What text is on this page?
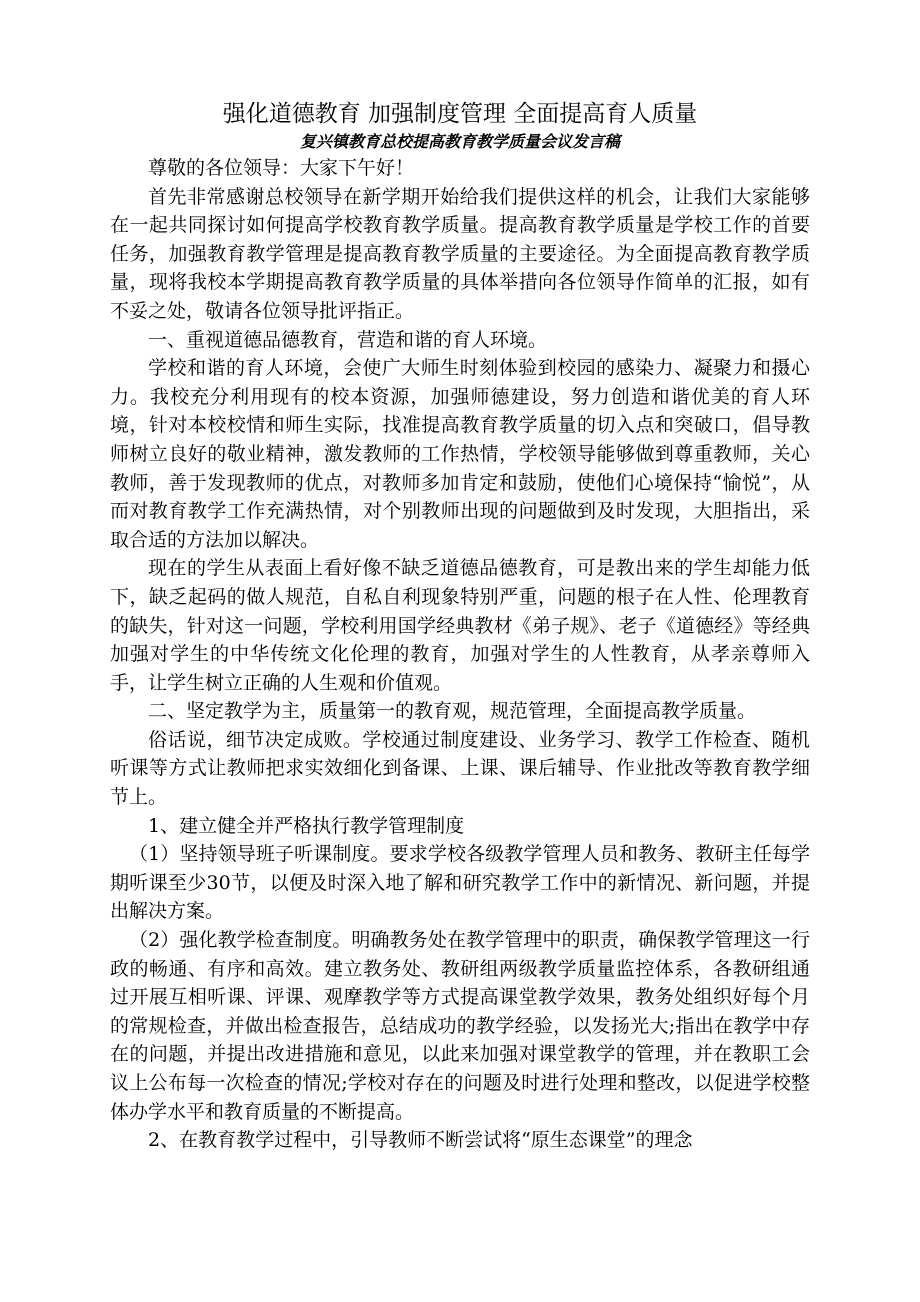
强化道德教育 加强制度管理 全面提高育人质量

复兴镇教育总校提高教育教学质量会议发言稿

尊敬的各位领导：大家下午好！

首先非常感谢总校领导在新学期开始给我们提供这样的机会，让我们大家能够在一起共同探讨如何提高学校教育教学质量。提高教育教学质量是学校工作的首要任务，加强教育教学管理是提高教育教学质量的主要途径。为全面提高教育教学质量，现将我校本学期提高教育教学质量的具体举措向各位领导作简单的汇报，如有不妥之处，敬请各位领导批评指正。

一、重视道德品德教育，营造和谐的育人环境。

学校和谐的育人环境，会使广大师生时刻体验到校园的感染力、凝聚力和摄心力。我校充分利用现有的校本资源，加强师德建设，努力创造和谐优美的育人环境，针对本校校情和师生实际，找准提高教育教学质量的切入点和突破口，倡导教师树立良好的敬业精神，激发教师的工作热情，学校领导能够做到尊重教师，关心教师，善于发现教师的优点，对教师多加肯定和鼓励，使他们心境保持“愉悦”，从而对教育教学工作充满热情，对个别教师出现的问题做到及时发现，大胆指出，采取合适的方法加以解决。

现在的学生从表面上看好像不缺乏道德品德教育，可是教出来的学生却能力低下，缺乏起码的做人规范，自私自利现象特别严重，问题的根子在人性、伦理教育的缺失，针对这一问题，学校利用国学经典教材《弟子规》、老子《道德经》等经典加强对学生的中华传统文化伦理的教育，加强对学生的人性教育，从孝亲尊师入手，让学生树立正确的人生观和价值观。

二、坚定教学为主，质量第一的教育观，规范管理，全面提高教学质量。

俗话说，细节决定成败。学校通过制度建设、业务学习、教学工作检查、随机听课等方式让教师把求实效细化到备课、上课、课后辅导、作业批改等教育教学细节上。

1、建立健全并严格执行教学管理制度

（1）坚持领导班子听课制度。要求学校各级教学管理人员和教务、教研主任每学期听课至少30节，以便及时深入地了解和研究教学工作中的新情况、新问题，并提出解决方案。

（2）强化教学检查制度。明确教务处在教学管理中的职责，确保教学管理这一行政的畅通、有序和高效。建立教务处、教研组两级教学质量监控体系，各教研组通过开展互相听课、评课、观摩教学等方式提高课堂教学效果，教务处组织好每个月的常规检查，并做出检查报告，总结成功的教学经验，以发扬光大;指出在教学中存在的问题，并提出改进措施和意见，以此来加强对课堂教学的管理，并在教职工会议上公布每一次检查的情况;学校对存在的问题及时进行处理和整改，以促进学校整体办学水平和教育质量的不断提高。

2、在教育教学过程中，引导教师不断尝试将“原生态课堂”的理念
